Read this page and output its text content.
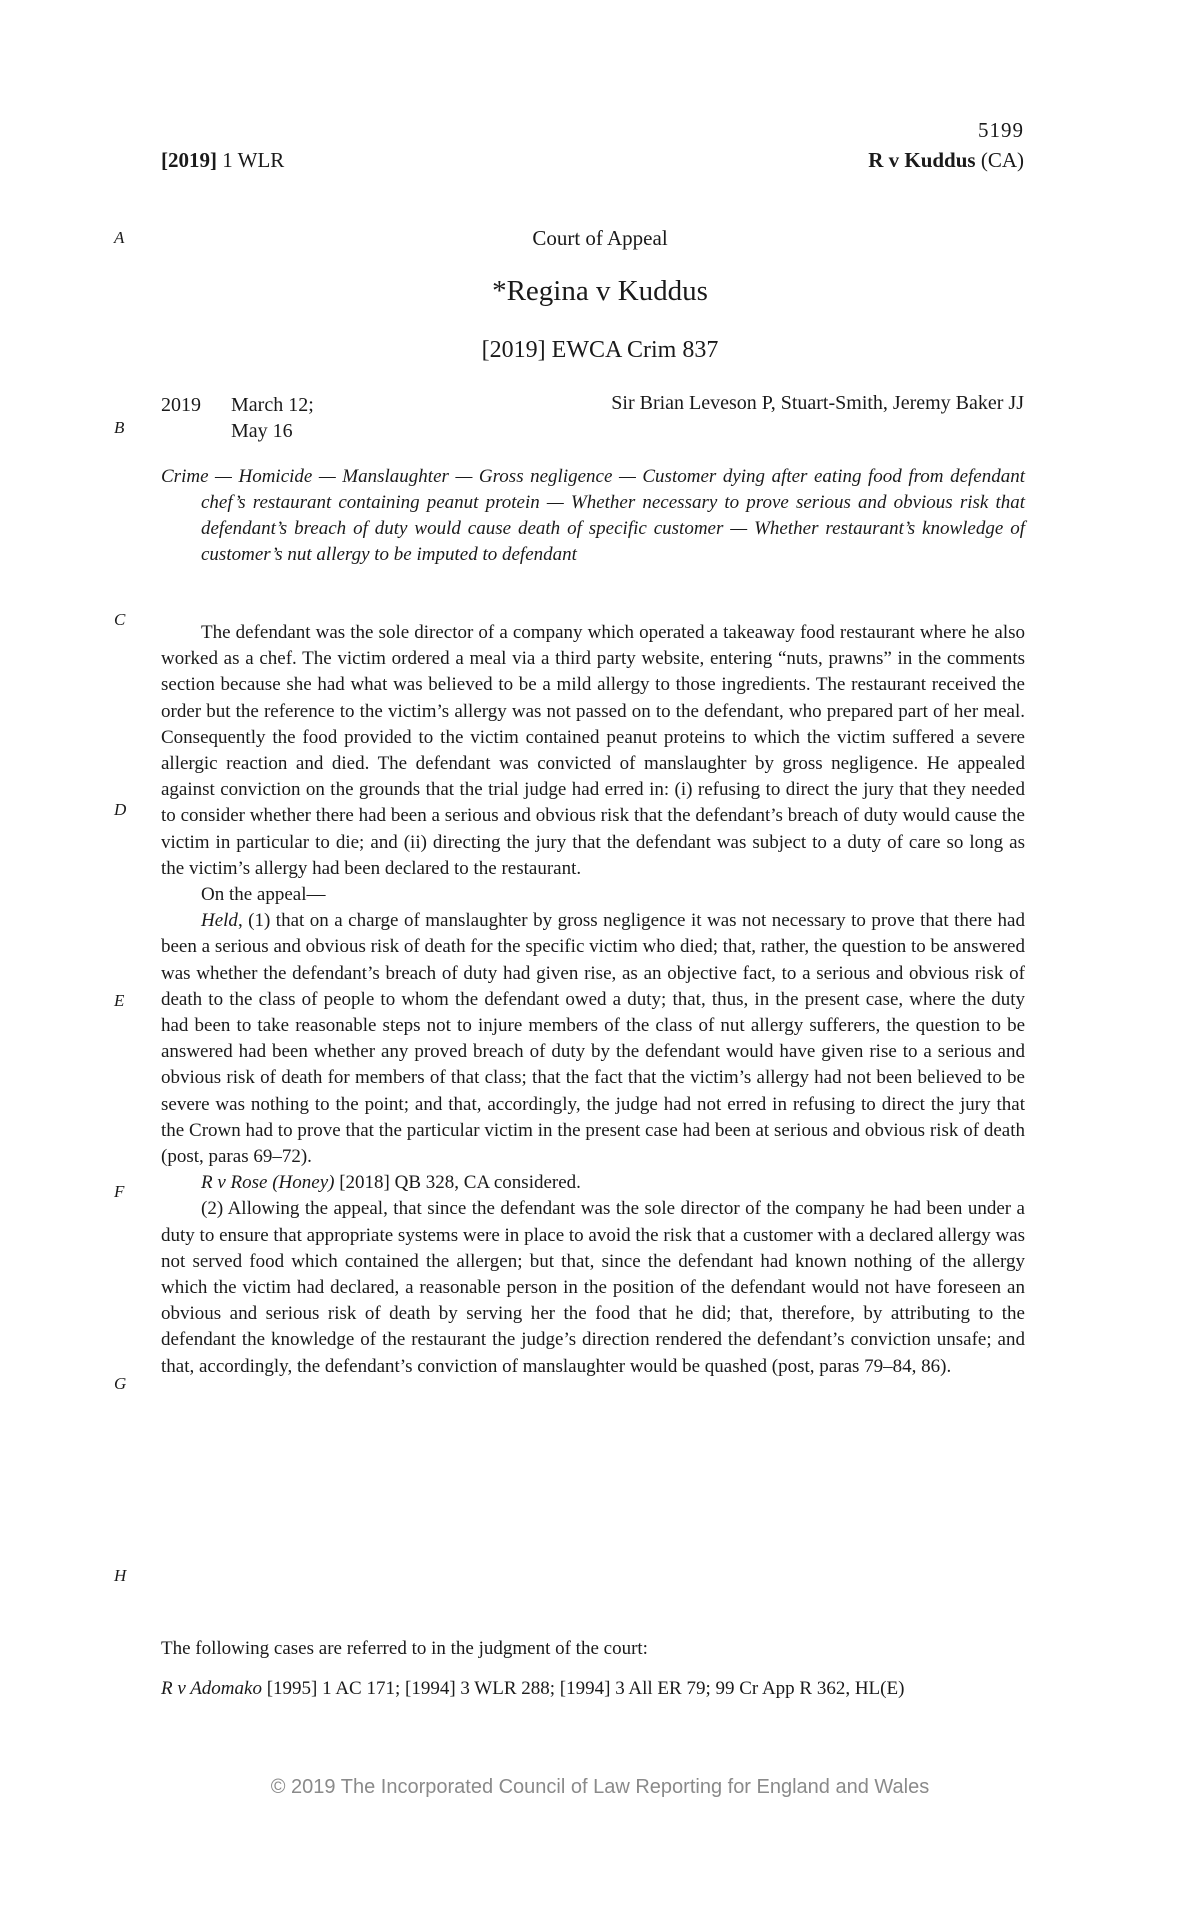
5199
[2019] 1 WLR	R v Kuddus (CA)
A
B
C
D
E
F
G
H
Court of Appeal
*Regina v Kuddus
[2019] EWCA Crim 837
2019 March 12;
May 16
Sir Brian Leveson P, Stuart-Smith, Jeremy Baker JJ
Crime — Homicide — Manslaughter — Gross negligence — Customer dying after eating food from defendant chef’s restaurant containing peanut protein — Whether necessary to prove serious and obvious risk that defendant’s breach of duty would cause death of specific customer — Whether restaurant’s knowledge of customer’s nut allergy to be imputed to defendant

The defendant was the sole director of a company which operated a takeaway food restaurant where he also worked as a chef. The victim ordered a meal via a third party website, entering “nuts, prawns” in the comments section because she had what was believed to be a mild allergy to those ingredients. The restaurant received the order but the reference to the victim’s allergy was not passed on to the defendant, who prepared part of her meal. Consequently the food provided to the victim contained peanut proteins to which the victim suffered a severe allergic reaction and died. The defendant was convicted of manslaughter by gross negligence. He appealed against conviction on the grounds that the trial judge had erred in: (i) refusing to direct the jury that they needed to consider whether there had been a serious and obvious risk that the defendant’s breach of duty would cause the victim in particular to die; and (ii) directing the jury that the defendant was subject to a duty of care so long as the victim’s allergy had been declared to the restaurant.

On the appeal—

Held, (1) that on a charge of manslaughter by gross negligence it was not necessary to prove that there had been a serious and obvious risk of death for the specific victim who died; that, rather, the question to be answered was whether the defendant’s breach of duty had given rise, as an objective fact, to a serious and obvious risk of death to the class of people to whom the defendant owed a duty; that, thus, in the present case, where the duty had been to take reasonable steps not to injure members of the class of nut allergy sufferers, the question to be answered had been whether any proved breach of duty by the defendant would have given rise to a serious and obvious risk of death for members of that class; that the fact that the victim’s allergy had not been believed to be severe was nothing to the point; and that, accordingly, the judge had not erred in refusing to direct the jury that the Crown had to prove that the particular victim in the present case had been at serious and obvious risk of death (post, paras 69–72).

R v Rose (Honey) [2018] QB 328, CA considered.

(2) Allowing the appeal, that since the defendant was the sole director of the company he had been under a duty to ensure that appropriate systems were in place to avoid the risk that a customer with a declared allergy was not served food which contained the allergen; but that, since the defendant had known nothing of the allergy which the victim had declared, a reasonable person in the position of the defendant would not have foreseen an obvious and serious risk of death by serving her the food that he did; that, therefore, by attributing to the defendant the knowledge of the restaurant the judge’s direction rendered the defendant’s conviction unsafe; and that, accordingly, the defendant’s conviction of manslaughter would be quashed (post, paras 79–84, 86).

The following cases are referred to in the judgment of the court:
R v Adomako [1995] 1 AC 171; [1994] 3 WLR 288; [1994] 3 All ER 79; 99 Cr App R 362, HL(E)
© 2019 The Incorporated Council of Law Reporting for England and Wales
